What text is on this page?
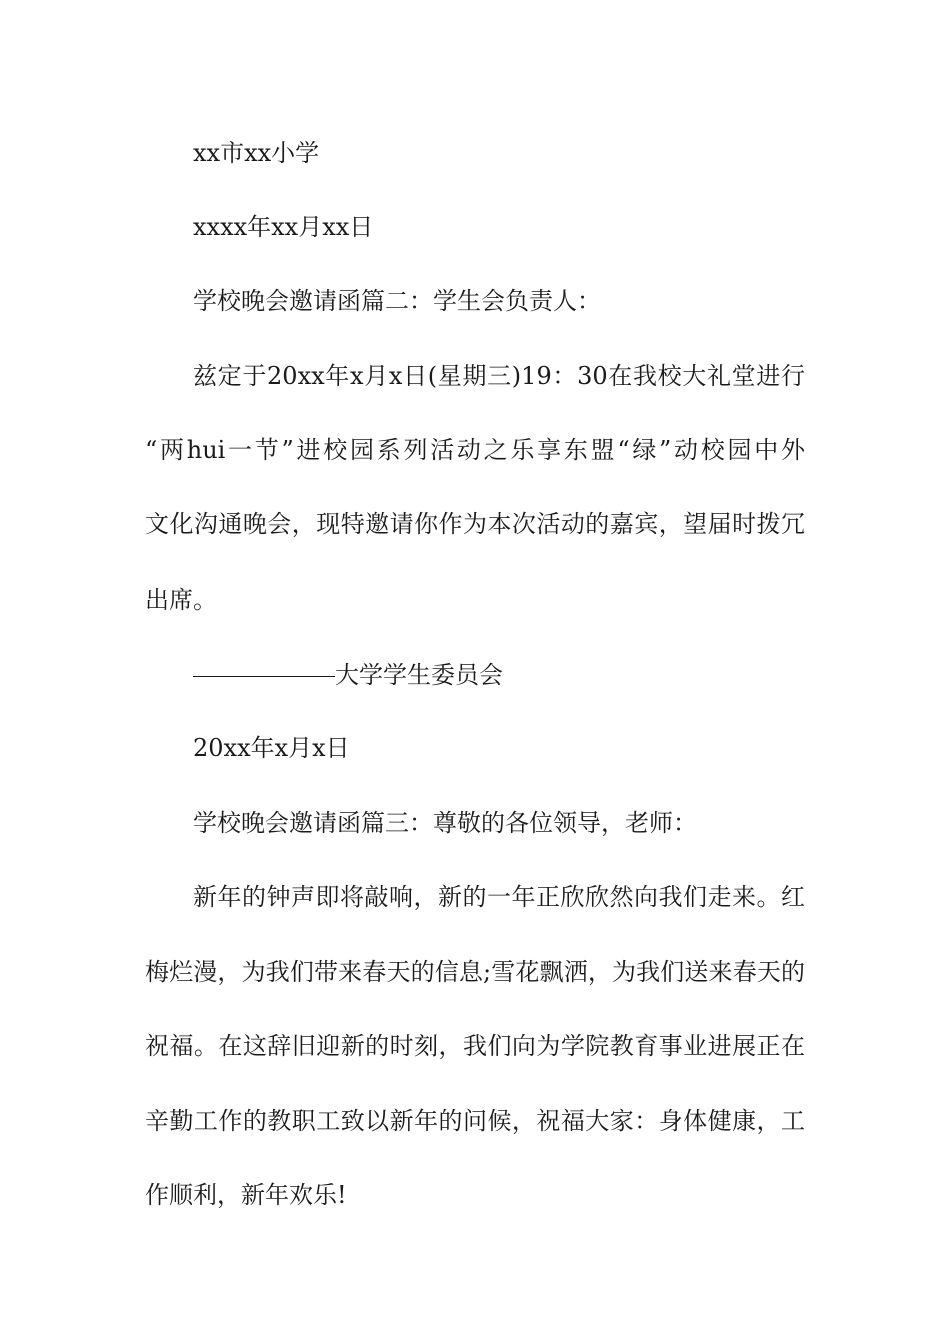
xx市xx小学
xxxx年xx月xx日
学校晚会邀请函篇二：学生会负责人：
兹定于20xx年x月x日(星期三)19：30在我校大礼堂进行
“两hui一节”进校园系列活动之乐享东盟“绿”动校园中外
文化沟通晚会，现特邀请你作为本次活动的嘉宾，望届时拨冗
出席。
大学学生委员会
20xx年x月x日
学校晚会邀请函篇三：尊敬的各位领导，老师：
新年的钟声即将敲响，新的一年正欣欣然向我们走来。红
梅烂漫，为我们带来春天的信息;雪花飘洒，为我们送来春天的
祝福。在这辞旧迎新的时刻，我们向为学院教育事业进展正在
辛勤工作的教职工致以新年的问候，祝福大家：身体健康，工
作顺利，新年欢乐!
